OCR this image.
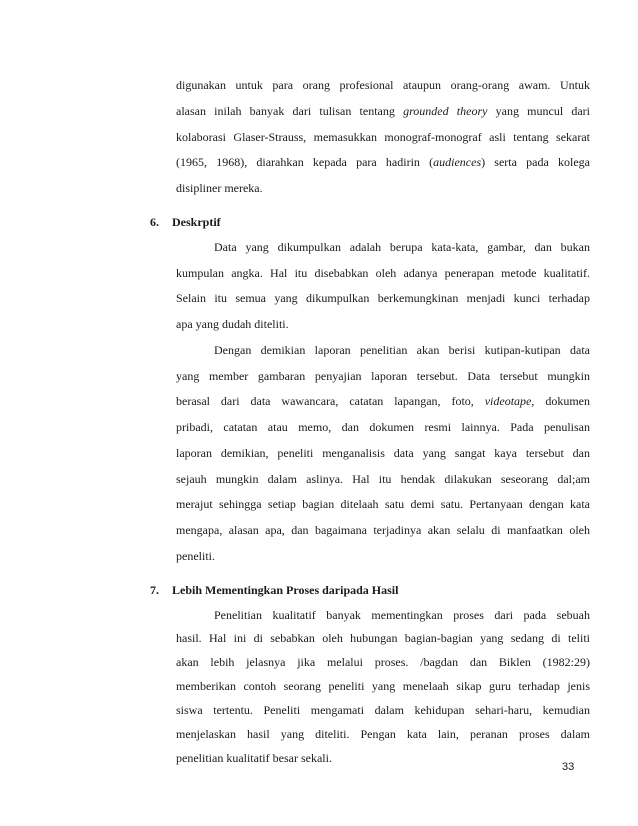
digunakan untuk para orang profesional ataupun orang-orang awam. Untuk
alasan inilah banyak dari tulisan tentang grounded theory yang muncul dari
kolaborasi Glaser-Strauss, memasukkan monograf-monograf asli tentang sekarat
(1965, 1968), diarahkan kepada para hadirin (audiences) serta pada kolega
disipliner mereka.
6. Deskrptif
Data yang dikumpulkan adalah berupa kata-kata, gambar, dan bukan
kumpulan angka. Hal itu disebabkan oleh adanya penerapan metode kualitatif.
Selain itu semua yang dikumpulkan berkemungkinan menjadi kunci terhadap
apa yang dudah diteliti.
Dengan demikian laporan penelitian akan berisi kutipan-kutipan data
yang member gambaran penyajian laporan tersebut. Data tersebut mungkin
berasal dari data wawancara, catatan lapangan, foto, videotape, dokumen
pribadi, catatan atau memo, dan dokumen resmi lainnya. Pada penulisan
laporan demikian, peneliti menganalisis data yang sangat kaya tersebut dan
sejauh mungkin dalam aslinya. Hal itu hendak dilakukan seseorang dal;am
merajut sehingga setiap bagian ditelaah satu demi satu. Pertanyaan dengan kata
mengapa, alasan apa, dan bagaimana terjadinya akan selalu di manfaatkan oleh
peneliti.
7. Lebih Mementingkan Proses daripada Hasil
Penelitian kualitatif banyak mementingkan proses dari pada sebuah
hasil. Hal ini di sebabkan oleh hubungan bagian-bagian yang sedang di teliti
akan lebih jelasnya jika melalui proses. /bagdan dan Biklen (1982:29)
memberikan contoh seorang peneliti yang menelaah sikap guru terhadap jenis
siswa tertentu. Peneliti mengamati dalam kehidupan sehari-haru, kemudian
menjelaskan hasil yang diteliti. Pengan kata lain, peranan proses dalam
penelitian kualitatif besar sekali.
33
